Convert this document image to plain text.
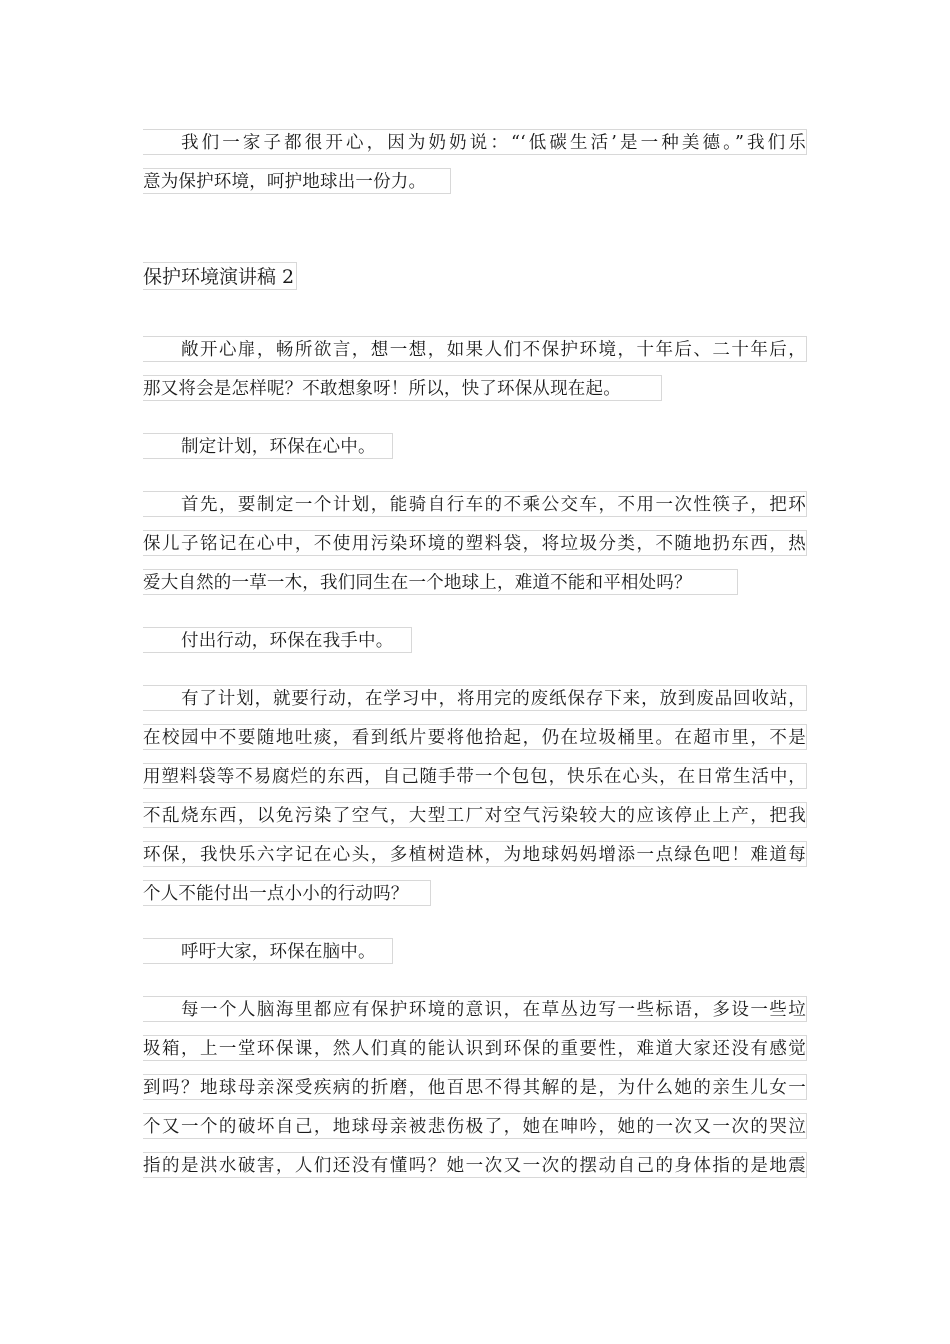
我们一家子都很开心，因为奶奶说：“‘低碳生活’是一种美德。”我们乐
意为保护环境，呵护地球出一份力。
保护环境演讲稿 2
敞开心扉，畅所欲言，想一想，如果人们不保护环境，十年后、二十年后，
那又将会是怎样呢？不敢想象呀！所以，快了环保从现在起。
制定计划，环保在心中。
首先，要制定一个计划，能骑自行车的不乘公交车，不用一次性筷子，把环
保儿子铭记在心中，不使用污染环境的塑料袋，将垃圾分类，不随地扔东西，热
爱大自然的一草一木，我们同生在一个地球上，难道不能和平相处吗？
付出行动，环保在我手中。
有了计划，就要行动，在学习中，将用完的废纸保存下来，放到废品回收站，
在校园中不要随地吐痰，看到纸片要将他拾起，仍在垃圾桶里。在超市里，不是
用塑料袋等不易腐烂的东西，自己随手带一个包包，快乐在心头，在日常生活中，
不乱烧东西，以免污染了空气，大型工厂对空气污染较大的应该停止上产，把我
环保，我快乐六字记在心头，多植树造林，为地球妈妈增添一点绿色吧！难道每
个人不能付出一点小小的行动吗？
呼吁大家，环保在脑中。
每一个人脑海里都应有保护环境的意识，在草丛边写一些标语，多设一些垃
圾箱，上一堂环保课，然人们真的能认识到环保的重要性，难道大家还没有感觉
到吗？地球母亲深受疾病的折磨，他百思不得其解的是，为什么她的亲生儿女一
个又一个的破坏自己，地球母亲被悲伤极了，她在呻吟，她的一次又一次的哭泣
指的是洪水破害，人们还没有懂吗？她一次又一次的摆动自己的身体指的是地震
